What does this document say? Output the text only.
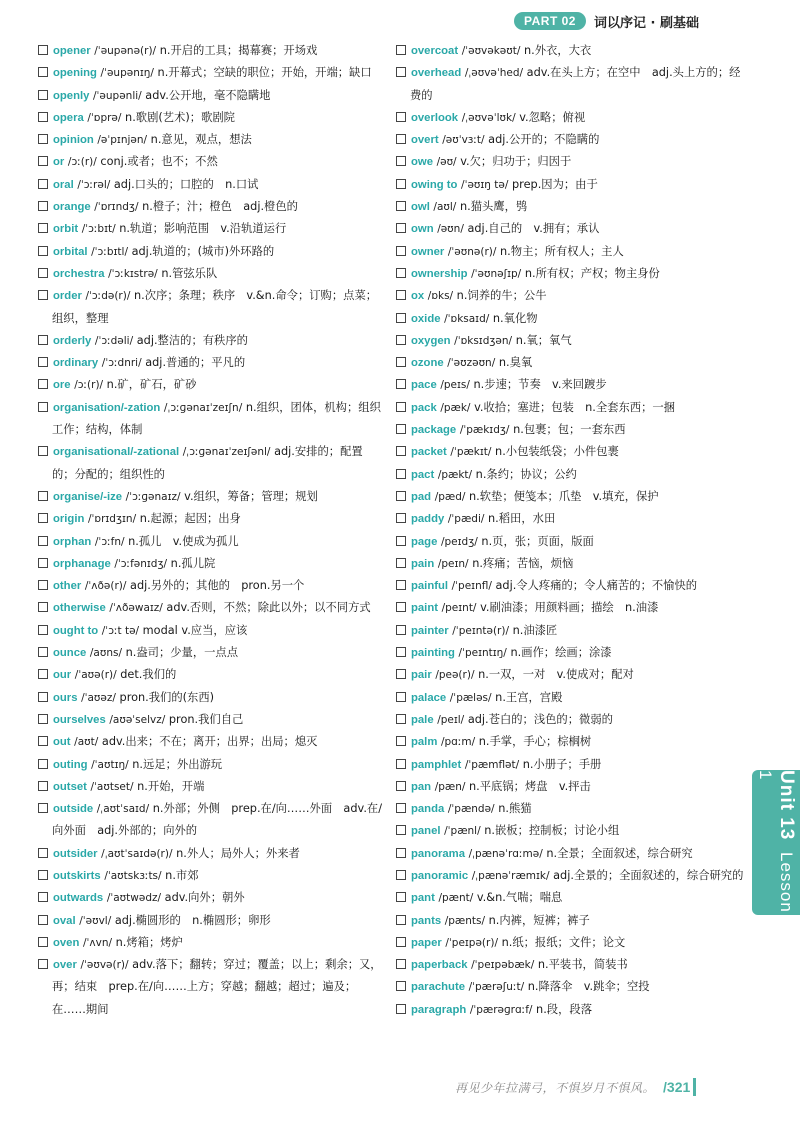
PART 02	词以序记 · 刷基础
opener /ˈəupənə(r)/ n.开启的工具；揭幕赛；开场戏
opening /ˈəupənɪŋ/ n.开幕式；空缺的职位；开始，开端；缺口
openly /ˈəupənli/ adv.公开地，毫不隐瞒地
opera /ˈɒprə/ n.歌剧(艺术)；歌剧院
opinion /əˈpɪnjən/ n.意见，观点，想法
or /ɔː(r)/ conj.或者；也不；不然
oral /ˈɔːrəl/ adj.口头的；口腔的　n.口试
orange /ˈɒrɪndʒ/ n.橙子；汁；橙色　adj.橙色的
orbit /ˈɔːbɪt/ n.轨道；影响范围　v.沿轨道运行
orbital /ˈɔːbɪtl/ adj.轨道的；(城市)外环路的
orchestra /ˈɔːkɪstrə/ n.管弦乐队
order /ˈɔːdə(r)/ n.次序；条理；秩序　v.&n.命令；订购；点菜；组织，整理
orderly /ˈɔːdəli/ adj.整洁的；有秩序的
ordinary /ˈɔːdnri/ adj.普通的；平凡的
ore /ɔː(r)/ n.矿，矿石，矿砂
organisation/-zation /ˌɔːɡənaɪˈzeɪʃn/ n.组织，团体，机构；组织工作；结构，体制
organisational/-zational /ˌɔːɡənaɪˈzeɪʃənl/ adj.安排的；配置的；分配的；组织性的
organise/-ize /ˈɔːɡənaɪz/ v.组织，筹备；管理；规划
origin /ˈɒrɪdʒɪn/ n.起源；起因；出身
orphan /ˈɔːfn/ n.孤儿　v.使成为孤儿
orphanage /ˈɔːfənɪdʒ/ n.孤儿院
other /ˈʌðə(r)/ adj.另外的；其他的　pron.另一个
otherwise /ˈʌðəwaɪz/ adv.否则，不然；除此以外；以不同方式
ought to /ˈɔːt tə/ modal v.应当，应该
ounce /aʊns/ n.盎司；少量，一点点
our /ˈaʊə(r)/ det.我们的
ours /ˈaʊəz/ pron.我们的(东西)
ourselves /aʊəˈselvz/ pron.我们自己
out /aʊt/ adv.出来；不在；离开；出界；出局；熄灭
outing /ˈaʊtɪŋ/ n.远足；外出游玩
outset /ˈaʊtset/ n.开始，开端
outside /ˌaʊtˈsaɪd/ n.外部；外侧　prep.在/向……外面　adv.在/向外面　adj.外部的；向外的
outsider /ˌaʊtˈsaɪdə(r)/ n.外人；局外人；外来者
outskirts /ˈaʊtskɜːts/ n.市郊
outwards /ˈaʊtwədz/ adv.向外；朝外
oval /ˈəʊvl/ adj.椭圆形的　n.椭圆形；卵形
oven /ˈʌvn/ n.烤箱；烤炉
over /ˈəʊvə(r)/ adv.落下；翻转；穿过；覆盖；以上；剩余；又，再；结束　prep.在/向……上方；穿越；翻越；超过；遍及；在……期间
overcoat /ˈəʊvəkəʊt/ n.外衣，大衣
overhead /ˌəʊvəˈhed/ adv.在头上方；在空中　adj.头上方的；经费的
overlook /ˌəʊvəˈlʊk/ v.忽略；俯视
overt /əʊˈvɜːt/ adj.公开的；不隐瞒的
owe /əʊ/ v.欠；归功于；归因于
owing to /ˈəʊɪŋ tə/ prep.因为；由于
owl /aʊl/ n.猫头鹰，鸮
own /əʊn/ adj.自己的　v.拥有；承认
owner /ˈəʊnə(r)/ n.物主；所有权人；主人
ownership /ˈəʊnəʃɪp/ n.所有权；产权；物主身份
ox /ɒks/ n.饲养的牛；公牛
oxide /ˈɒksaɪd/ n.氧化物
oxygen /ˈɒksɪdʒən/ n.氧；氧气
ozone /ˈəʊzəʊn/ n.臭氧
pace /peɪs/ n.步速；节奏　v.来回踱步
pack /pæk/ v.收拾；塞进；包装　n.全套东西；一捆
package /ˈpækɪdʒ/ n.包裹；包；一套东西
packet /ˈpækɪt/ n.小包装纸袋；小件包裹
pact /pækt/ n.条约；协议；公约
pad /pæd/ n.软垫；便笺本；爪垫　v.填充，保护
paddy /ˈpædi/ n.稻田，水田
page /peɪdʒ/ n.页，张；页面，版面
pain /peɪn/ n.疼痛；苦恼，烦恼
painful /ˈpeɪnfl/ adj.令人疼痛的；令人痛苦的；不愉快的
paint /peɪnt/ v.刷油漆；用颜料画；描绘　n.油漆
painter /ˈpeɪntə(r)/ n.油漆匠
painting /ˈpeɪntɪŋ/ n.画作；绘画；涂漆
pair /peə(r)/ n.一双，一对　v.使成对；配对
palace /ˈpæləs/ n.王宫，宫殿
pale /peɪl/ adj.苍白的；浅色的；微弱的
palm /pɑːm/ n.手掌，手心；棕榈树
pamphlet /ˈpæmflət/ n.小册子；手册
pan /pæn/ n.平底锅；烤盘　v.抨击
panda /ˈpændə/ n.熊猫
panel /ˈpænl/ n.嵌板；控制板；讨论小组
panorama /ˌpænəˈrɑːmə/ n.全景；全面叙述，综合研究
panoramic /ˌpænəˈræmɪk/ adj.全景的；全面叙述的，综合研究的
pant /pænt/ v.&n.气喘；喘息
pants /pænts/ n.内裤，短裤；裤子
paper /ˈpeɪpə(r)/ n.纸；报纸；文件；论文
paperback /ˈpeɪpəbæk/ n.平装书，简装书
parachute /ˈpærəʃuːt/ n.降落伞　v.跳伞；空投
paragraph /ˈpærəɡrɑːf/ n.段，段落
Unit 13 Lesson 1
再见少年拉满弓，不惧岁月不惧风。 /321
